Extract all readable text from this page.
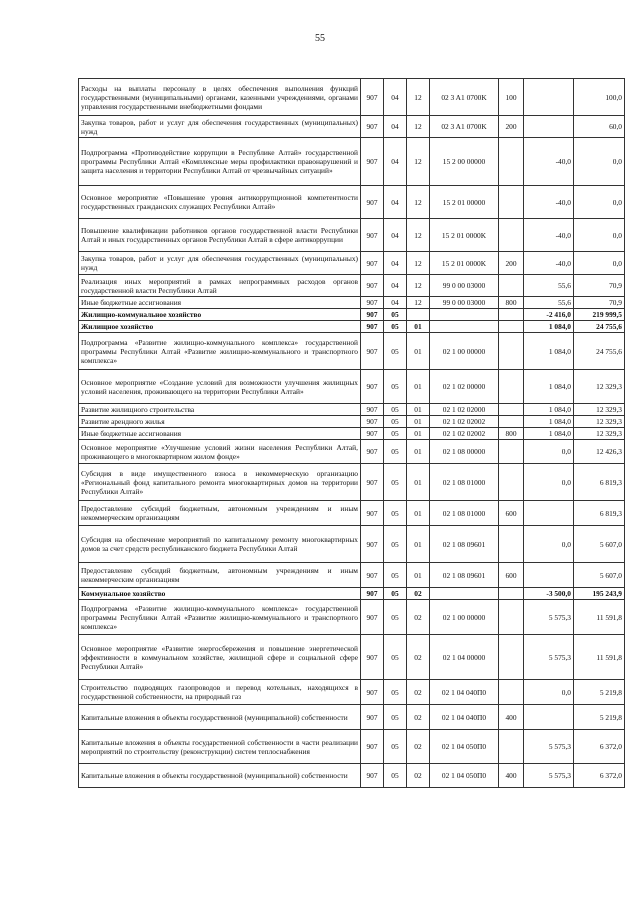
55
Расходы на выплаты персоналу в целях обеспечения выполнения функций государственными (муниципальными) органами, казенными учреждениями, органами управления государственными внебюджетными фондами	907	04	12	02 3 A1 0700K	100		100,0
Закупка товаров, работ и услуг для обеспечения государственных (муниципальных) нужд	907	04	12	02 3 A1 0700K	200		60,0
Подпрограмма «Противодействие коррупции в Республике Алтай» государственной программы Республики Алтай «Комплексные меры профилактики правонарушений и защита населения и территории Республики Алтай от чрезвычайных ситуаций»	907	04	12	15 2 00 00000		-40,0	0,0
Основное мероприятие «Повышение уровня антикоррупционной компетентности государственных гражданских служащих Республики Алтай»	907	04	12	15 2 01 00000		-40,0	0,0
Повышение квалификации работников органов государственной власти Республики Алтай и иных государственных органов Республики Алтай в сфере антикоррупции	907	04	12	15 2 01 0000K		-40,0	0,0
Закупка товаров, работ и услуг для обеспечения государственных (муниципальных) нужд	907	04	12	15 2 01 0000K	200	-40,0	0,0
Реализация иных мероприятий в рамках непрограммных расходов органов государственной власти Республики Алтай	907	04	12	99 0 00 03000		55,6	70,9
Иные бюджетные ассигнования	907	04	12	99 0 00 03000	800	55,6	70,9
Жилищно-коммунальное хозяйство	907	05				-2 416,0	219 999,5
Жилищное хозяйство	907	05	01			1 084,0	24 755,6
Подпрограмма «Развитие жилищно-коммунального комплекса» государственной программы Республики Алтай «Развитие жилищно-коммунального и транспортного комплекса»	907	05	01	02 1 00 00000		1 084,0	24 755,6
Основное мероприятие «Создание условий для возможности улучшения жилищных условий населения, проживающего на территории Республики Алтай»	907	05	01	02 1 02 00000		1 084,0	12 329,3
Развитие жилищного строительства	907	05	01	02 1 02 02000		1 084,0	12 329,3
Развитие арендного жилья	907	05	01	02 1 02 02002		1 084,0	12 329,3
Иные бюджетные ассигнования	907	05	01	02 1 02 02002	800	1 084,0	12 329,3
Основное мероприятие «Улучшение условий жизни населения Республики Алтай, проживающего в многоквартирном жилом фонде»	907	05	01	02 1 08 00000		0,0	12 426,3
Субсидия в виде имущественного взноса в некоммерческую организацию «Региональный фонд капитального ремонта многоквартирных домов на территории Республики Алтай»	907	05	01	02 1 08 01000		0,0	6 819,3
Предоставление субсидий бюджетным, автономным учреждениям и иным некоммерческим организациям	907	05	01	02 1 08 01000	600		6 819,3
Субсидия на обеспечение мероприятий по капитальному ремонту многоквартирных домов за счет средств республиканского бюджета Республики Алтай	907	05	01	02 1 08 09601		0,0	5 607,0
Предоставление субсидий бюджетным, автономным учреждениям и иным некоммерческим организациям	907	05	01	02 1 08 09601	600		5 607,0
Коммунальное хозяйство	907	05	02			-3 500,0	195 243,9
Подпрограмма «Развитие жилищно-коммунального комплекса» государственной программы Республики Алтай «Развитие жилищно-коммунального и транспортного комплекса»	907	05	02	02 1 00 00000		5 575,3	11 591,8
Основное мероприятие «Развитие энергосбережения и повышение энергетической эффективности в коммунальном хозяйстве, жилищной сфере и социальной сфере Республики Алтай»	907	05	02	02 1 04 00000		5 575,3	11 591,8
Строительство подводящих газопроводов и перевод котельных, находящихся в государственной собственности, на природный газ	907	05	02	02 1 04 040П0		0,0	5 219,8
Капитальные вложения в объекты государственной (муниципальной) собственности	907	05	02	02 1 04 040П0	400		5 219,8
Капитальные вложения в объекты государственной собственности в части реализации мероприятий по строительству (реконструкции) систем теплоснабжения	907	05	02	02 1 04 050П0		5 575,3	6 372,0
Капитальные вложения в объекты государственной (муниципальной) собственности	907	05	02	02 1 04 050П0	400	5 575,3	6 372,0
